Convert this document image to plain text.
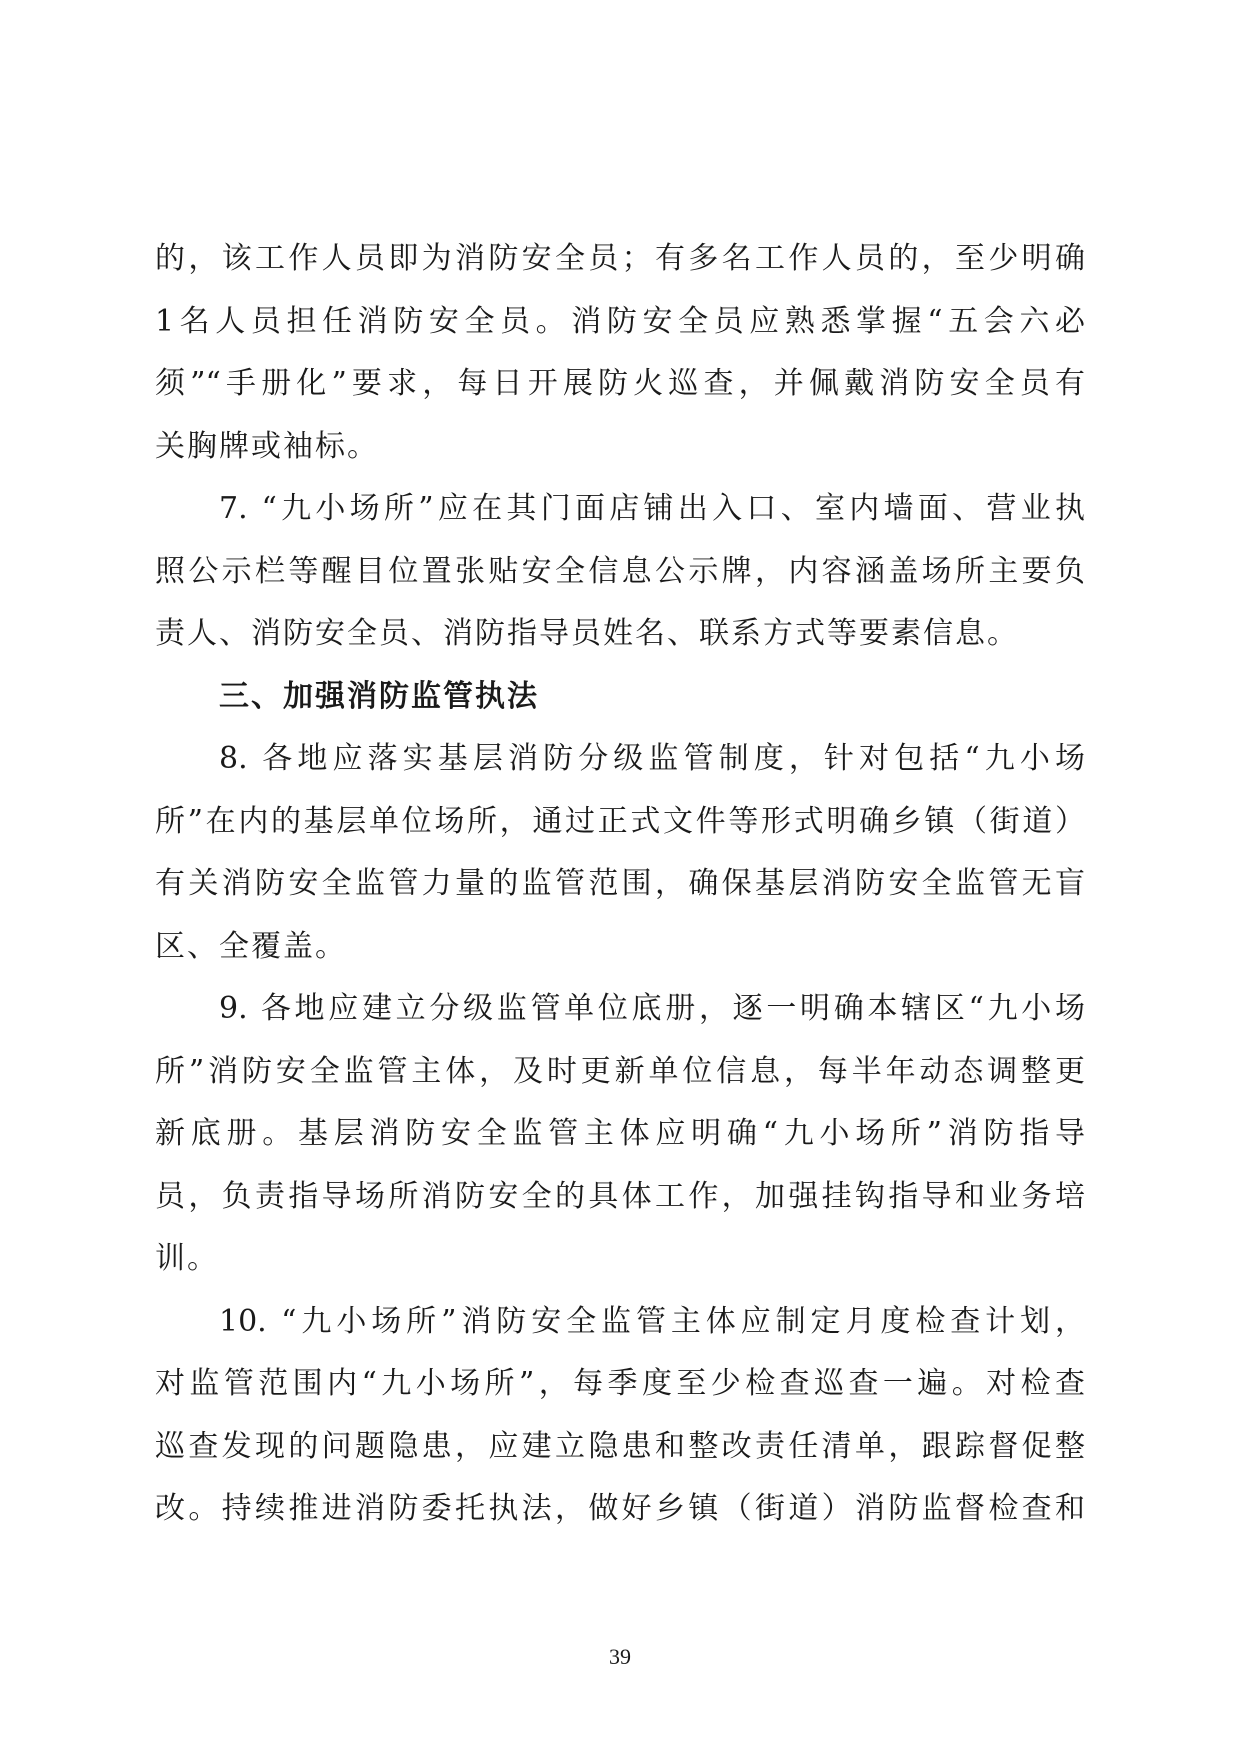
的，该工作人员即为消防安全员；有多名工作人员的，至少明确
1名人员担任消防安全员。消防安全员应熟悉掌握“五会六必
须”“手册化”要求，每日开展防火巡查，并佩戴消防安全员有
关胸牌或袖标。

7. “九小场所”应在其门面店铺出入口、室内墙面、营业执
照公示栏等醒目位置张贴安全信息公示牌，内容涵盖场所主要负
责人、消防安全员、消防指导员姓名、联系方式等要素信息。

三、加强消防监管执法

8. 各地应落实基层消防分级监管制度，针对包括“九小场
所”在内的基层单位场所，通过正式文件等形式明确乡镇（街道）
有关消防安全监管力量的监管范围，确保基层消防安全监管无盲
区、全覆盖。

9. 各地应建立分级监管单位底册，逐一明确本辖区“九小场
所”消防安全监管主体，及时更新单位信息，每半年动态调整更
新底册。基层消防安全监管主体应明确“九小场所”消防指导
员，负责指导场所消防安全的具体工作，加强挂钩指导和业务培
训。

10. “九小场所”消防安全监管主体应制定月度检查计划，
对监管范围内“九小场所”，每季度至少检查巡查一遍。对检查
巡查发现的问题隐患，应建立隐患和整改责任清单，跟踪督促整
改。持续推进消防委托执法，做好乡镇（街道）消防监督检查和

39
